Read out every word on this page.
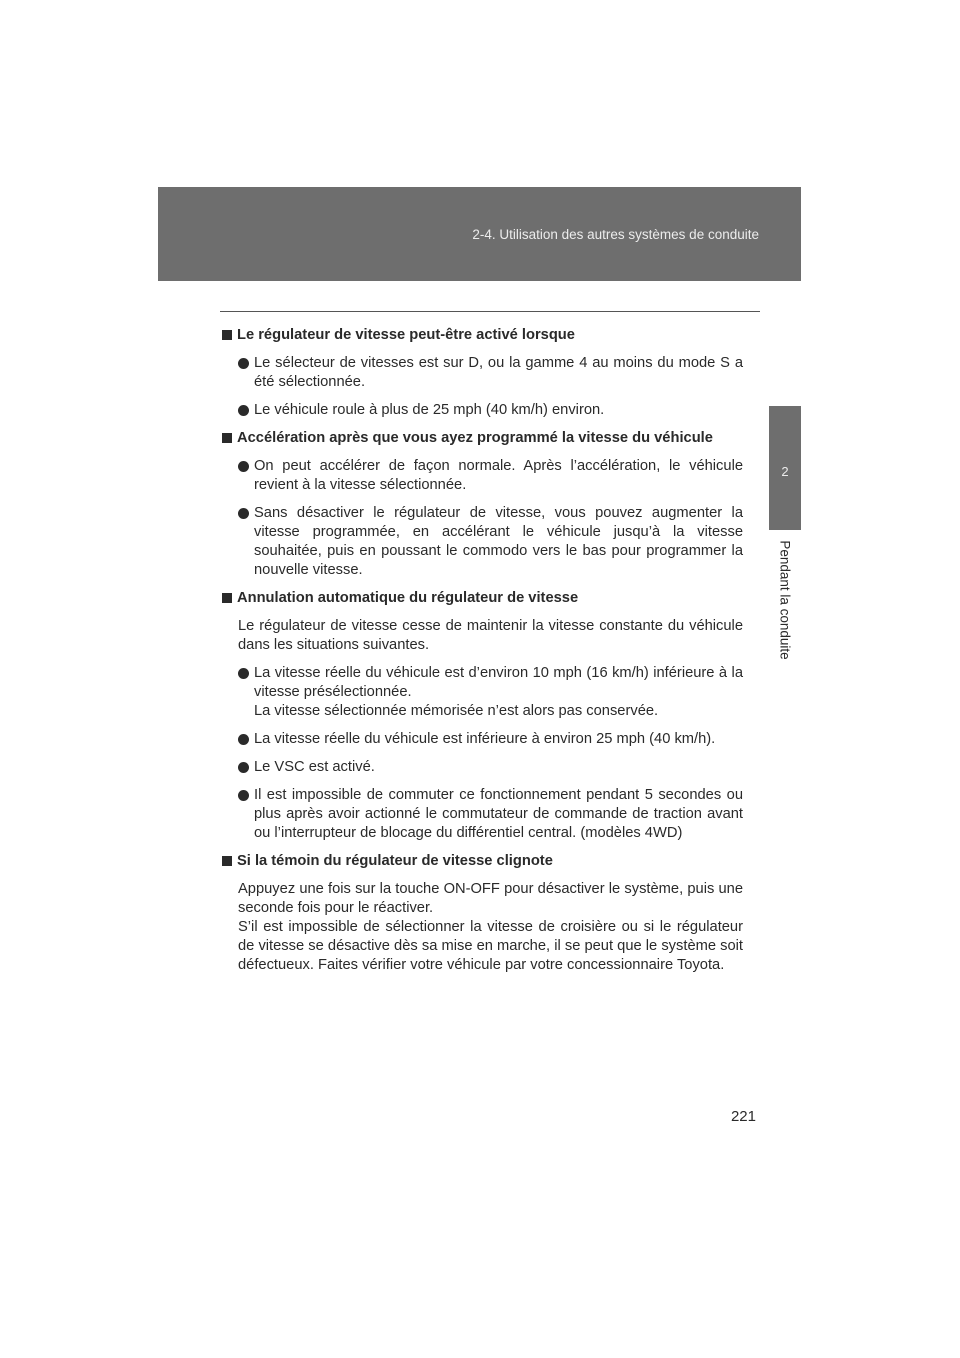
2-4. Utilisation des autres systèmes de conduite
2
Pendant la conduite
Le régulateur de vitesse peut-être activé lorsque
Le sélecteur de vitesses est sur D, ou la gamme 4 au moins du mode S a été sélectionnée.
Le véhicule roule à plus de 25 mph (40 km/h) environ.
Accélération après que vous ayez programmé la vitesse du véhicule
On peut accélérer de façon normale. Après l’accélération, le véhicule revient à la vitesse sélectionnée.
Sans désactiver le régulateur de vitesse, vous pouvez augmenter la vitesse programmée, en accélérant le véhicule jusqu’à la vitesse souhaitée, puis en poussant le commodo vers le bas pour programmer la nouvelle vitesse.
Annulation automatique du régulateur de vitesse
Le régulateur de vitesse cesse de maintenir la vitesse constante du véhicule dans les situations suivantes.
La vitesse réelle du véhicule est d’environ 10 mph (16 km/h) inférieure à la vitesse présélectionnée.
La vitesse sélectionnée mémorisée n’est alors pas conservée.
La vitesse réelle du véhicule est inférieure à environ 25 mph (40 km/h).
Le VSC est activé.
Il est impossible de commuter ce fonctionnement pendant 5 secondes ou plus après avoir actionné le commutateur de commande de traction avant ou l’interrupteur de blocage du différentiel central. (modèles 4WD)
Si la témoin du régulateur de vitesse clignote
Appuyez une fois sur la touche ON-OFF pour désactiver le système, puis une seconde fois pour le réactiver.
S’il est impossible de sélectionner la vitesse de croisière ou si le régulateur de vitesse se désactive dès sa mise en marche, il se peut que le système soit défectueux. Faites vérifier votre véhicule par votre concessionnaire Toyota.
221
